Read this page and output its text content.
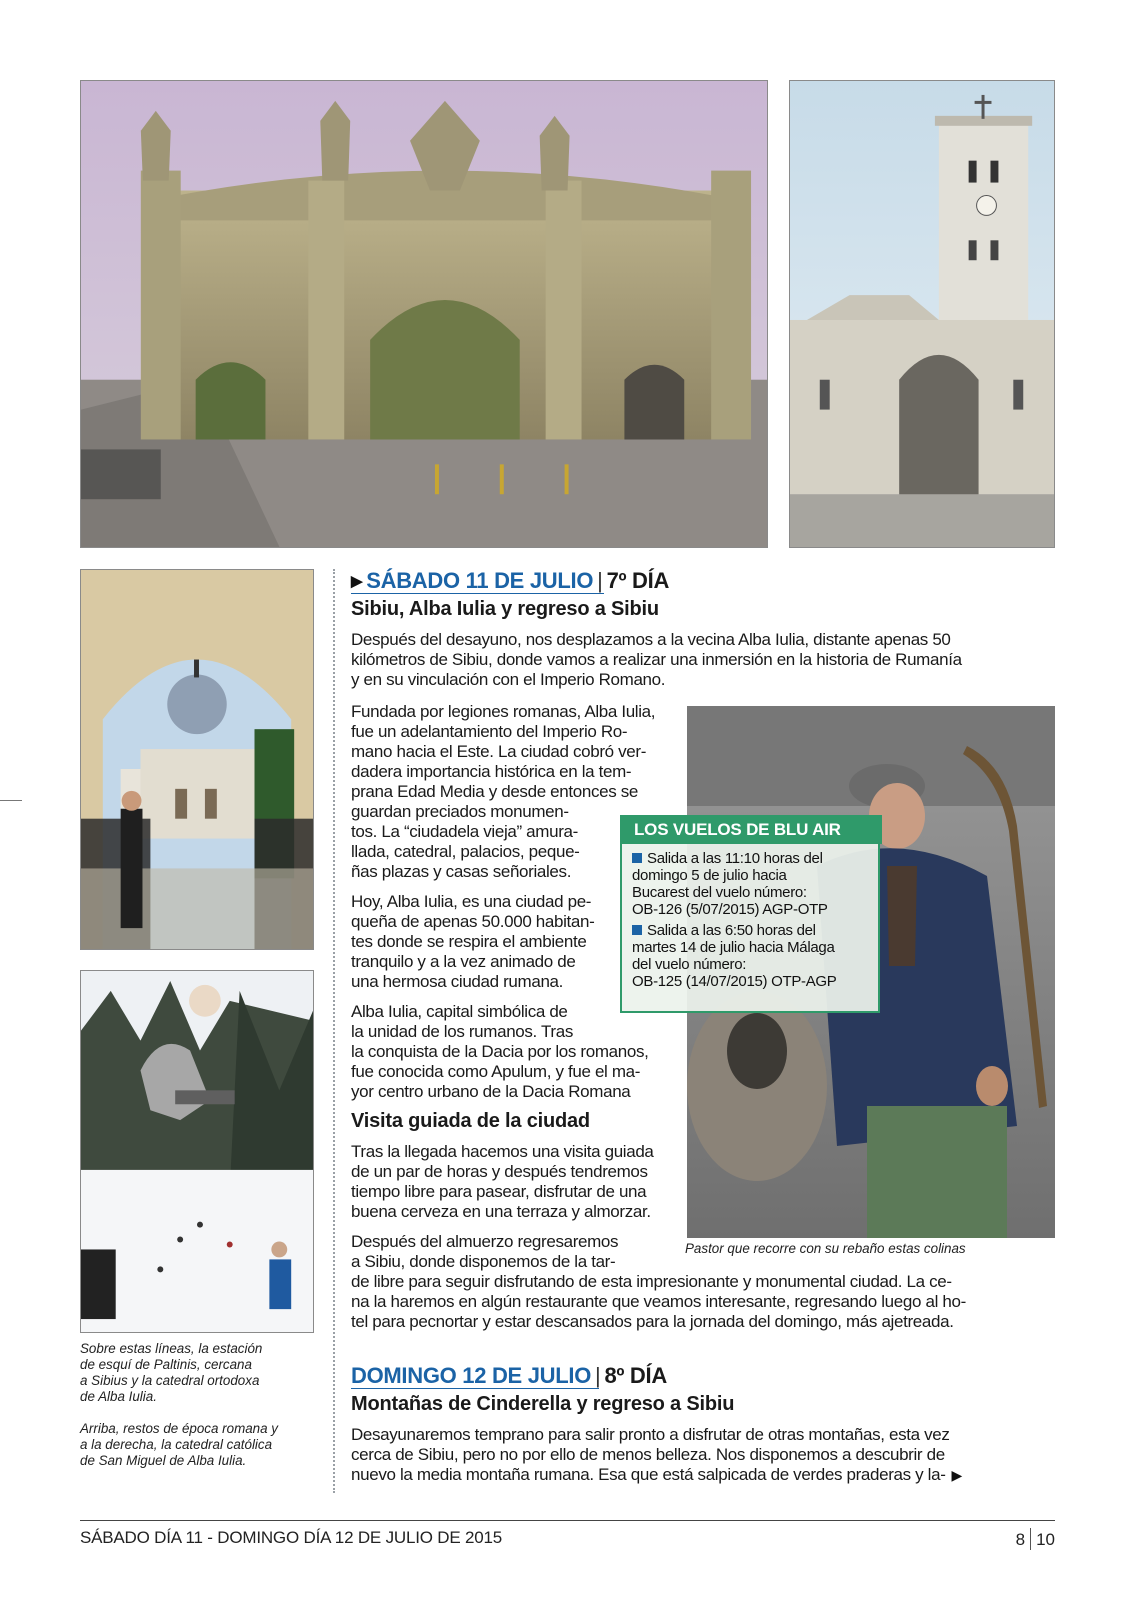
Sobre estas líneas, la estación
de esquí de Paltinis, cercana
a Sibius y la catedral ortodoxa
de Alba Iulia.

Arriba, restos de época romana y
a la derecha, la catedral católica
de San Miguel de Alba Iulia.

▶ SÁBADO 11 DE JULIO | 7º DÍA
Sibiu, Alba Iulia y regreso a Sibiu
Después del desayuno, nos desplazamos a la vecina Alba Iulia, distante apenas 50
kilómetros de Sibiu, donde vamos a realizar una inmersión en la historia de Rumanía
y en su vinculación con el Imperio Romano.
Fundada por legiones romanas, Alba Iulia,
fue un adelantamiento del Imperio Ro-
mano hacia el Este. La ciudad cobró ver-
dadera importancia histórica en la tem-
prana Edad Media y desde entonces se
guardan preciados monumen-
tos. La “ciudadela vieja” amura-
llada, catedral, palacios, peque-
ñas plazas y casas señoriales.
Hoy, Alba Iulia, es una ciudad pe-
queña de apenas 50.000 habitan-
tes donde se respira el ambiente
tranquilo y a la vez animado de
una hermosa ciudad rumana.
Alba Iulia, capital simbólica de
la unidad de los rumanos. Tras
la conquista de la Dacia por los romanos,
fue conocida como Apulum, y fue el ma-
yor centro urbano de la Dacia Romana
Visita guiada de la ciudad
Tras la llegada hacemos una visita guiada
de un par de horas y después tendremos
tiempo libre para pasear, disfrutar de una
buena cerveza en una terraza y almorzar.
Después del almuerzo regresaremos
a Sibiu, donde disponemos de la tar-
de libre para seguir disfrutando de esta impresionante y monumental ciudad. La ce-
na la haremos en algún restaurante que veamos interesante, regresando luego al ho-
tel para pecnortar y estar descansados para la jornada del domingo, más ajetreada.
Pastor que recorre con su rebaño estas colinas
LOS VUELOS DE BLU AIR
Salida a las 11:10 horas del
domingo 5 de julio hacia
Bucarest del vuelo número:
OB-126 (5/07/2015) AGP-OTP
Salida a las 6:50 horas del
martes 14 de julio hacia Málaga
del vuelo número:
OB-125 (14/07/2015) OTP-AGP
DOMINGO 12 DE JULIO | 8º DÍA
Montañas de Cinderella y regreso a Sibiu
Desayunaremos temprano para salir pronto a disfrutar de otras montañas, esta vez
cerca de Sibiu, pero no por ello de menos belleza. Nos disponemos a descubrir de
nuevo la media montaña rumana. Esa que está salpicada de verdes praderas y la- ▶
SÁBADO DÍA 11 - DOMINGO DÍA 12 DE JULIO DE 2015	8 10
